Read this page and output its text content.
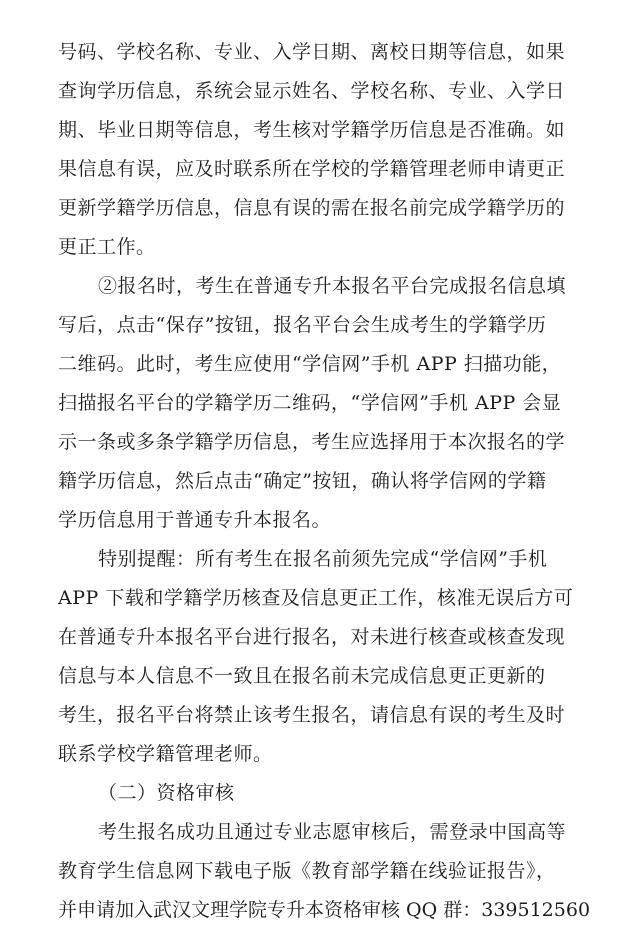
号码、学校名称、专业、入学日期、离校日期等信息，如果
查询学历信息，系统会显示姓名、学校名称、专业、入学日
期、毕业日期等信息，考生核对学籍学历信息是否准确。如
果信息有误，应及时联系所在学校的学籍管理老师申请更正
更新学籍学历信息，信息有误的需在报名前完成学籍学历的
更正工作。
②报名时，考生在普通专升本报名平台完成报名信息填
写后，点击“保存”按钮，报名平台会生成考生的学籍学历
二维码。此时，考生应使用“学信网”手机 APP 扫描功能，
扫描报名平台的学籍学历二维码，“学信网”手机 APP 会显
示一条或多条学籍学历信息，考生应选择用于本次报名的学
籍学历信息，然后点击“确定”按钮，确认将学信网的学籍
学历信息用于普通专升本报名。
特别提醒：所有考生在报名前须先完成“学信网”手机
APP 下载和学籍学历核查及信息更正工作，核准无误后方可
在普通专升本报名平台进行报名，对未进行核查或核查发现
信息与本人信息不一致且在报名前未完成信息更正更新的
考生，报名平台将禁止该考生报名，请信息有误的考生及时
联系学校学籍管理老师。
（二）资格审核
考生报名成功且通过专业志愿审核后，需登录中国高等
教育学生信息网下载电子版《教育部学籍在线验证报告》，
并申请加入武汉文理学院专升本资格审核 QQ 群：339512560
